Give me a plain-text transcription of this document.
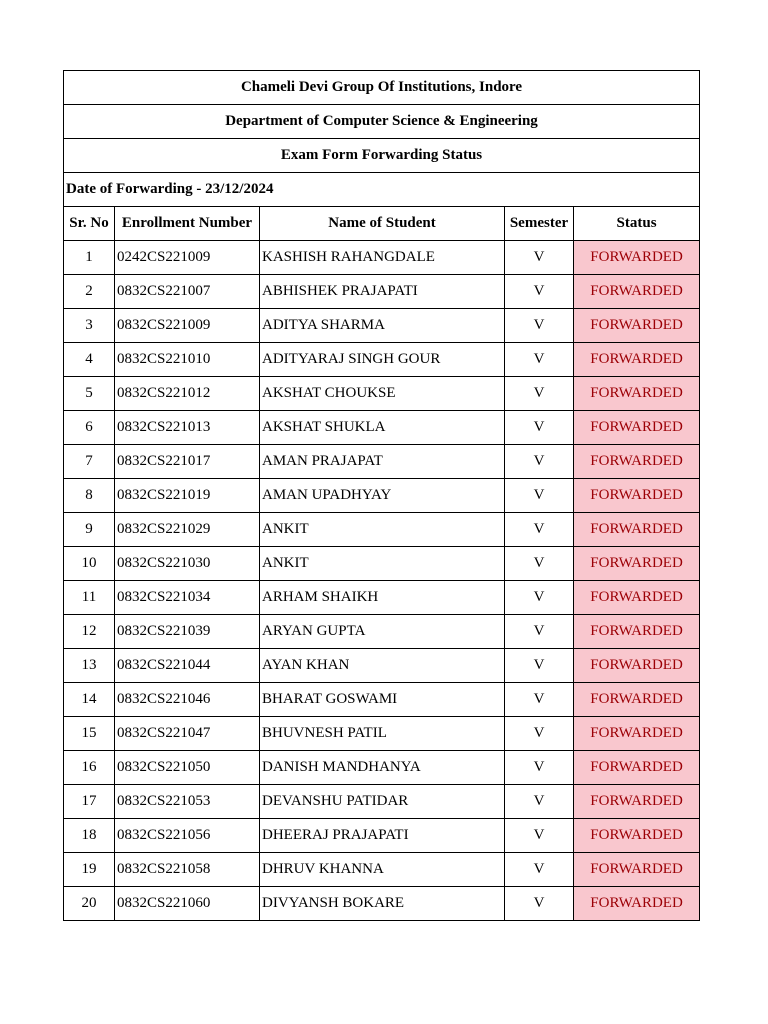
Chameli Devi Group Of Institutions, Indore				
Department of Computer Science & Engineering				
Exam Form Forwarding Status				
Date of Forwarding - 23/12/2024				
Sr. No	Enrollment Number	Name of Student	Semester	Status
1	0242CS221009	KASHISH RAHANGDALE	V	FORWARDED
2	0832CS221007	ABHISHEK PRAJAPATI	V	FORWARDED
3	0832CS221009	ADITYA SHARMA	V	FORWARDED
4	0832CS221010	ADITYARAJ SINGH GOUR	V	FORWARDED
5	0832CS221012	AKSHAT CHOUKSE	V	FORWARDED
6	0832CS221013	AKSHAT SHUKLA	V	FORWARDED
7	0832CS221017	AMAN PRAJAPAT	V	FORWARDED
8	0832CS221019	AMAN UPADHYAY	V	FORWARDED
9	0832CS221029	ANKIT	V	FORWARDED
10	0832CS221030	ANKIT	V	FORWARDED
11	0832CS221034	ARHAM SHAIKH	V	FORWARDED
12	0832CS221039	ARYAN GUPTA	V	FORWARDED
13	0832CS221044	AYAN KHAN	V	FORWARDED
14	0832CS221046	BHARAT GOSWAMI	V	FORWARDED
15	0832CS221047	BHUVNESH PATIL	V	FORWARDED
16	0832CS221050	DANISH MANDHANYA	V	FORWARDED
17	0832CS221053	DEVANSHU PATIDAR	V	FORWARDED
18	0832CS221056	DHEERAJ PRAJAPATI	V	FORWARDED
19	0832CS221058	DHRUV KHANNA	V	FORWARDED
20	0832CS221060	DIVYANSH BOKARE	V	FORWARDED
